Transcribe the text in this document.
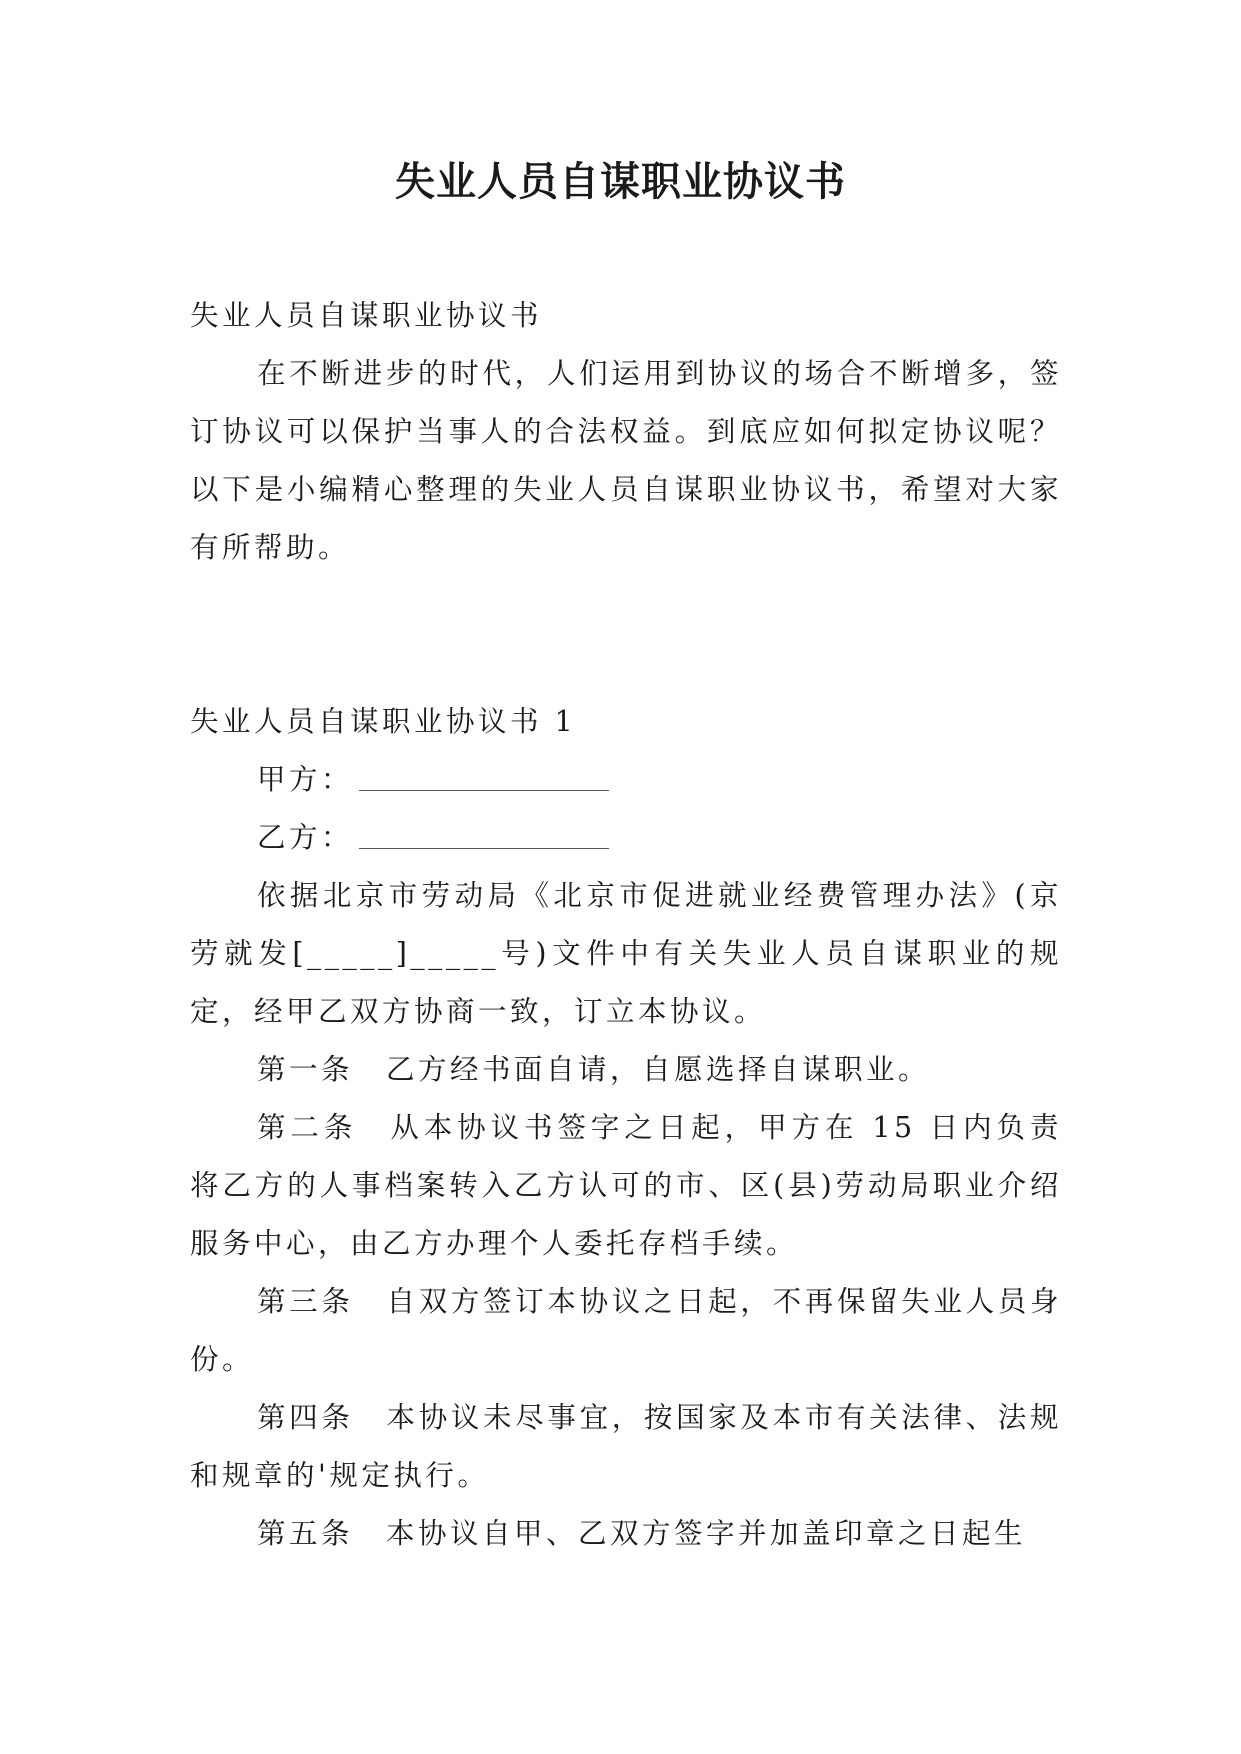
失业人员自谋职业协议书

失业人员自谋职业协议书

在不断进步的时代，人们运用到协议的场合不断增多，签订协议可以保护当事人的合法权益。到底应如何拟定协议呢？以下是小编精心整理的失业人员自谋职业协议书，希望对大家有所帮助。

失业人员自谋职业协议书 1

甲方：

乙方：

依据北京市劳动局《北京市促进就业经费管理办法》(京劳就发[_____]_____号)文件中有关失业人员自谋职业的规定，经甲乙双方协商一致，订立本协议。

第一条 乙方经书面自请，自愿选择自谋职业。

第二条 从本协议书签字之日起，甲方在 15 日内负责将乙方的人事档案转入乙方认可的市、区(县)劳动局职业介绍服务中心，由乙方办理个人委托存档手续。

第三条 自双方签订本协议之日起，不再保留失业人员身份。

第四条 本协议未尽事宜，按国家及本市有关法律、法规和规章的'规定执行。

第五条 本协议自甲、乙双方签字并加盖印章之日起生
